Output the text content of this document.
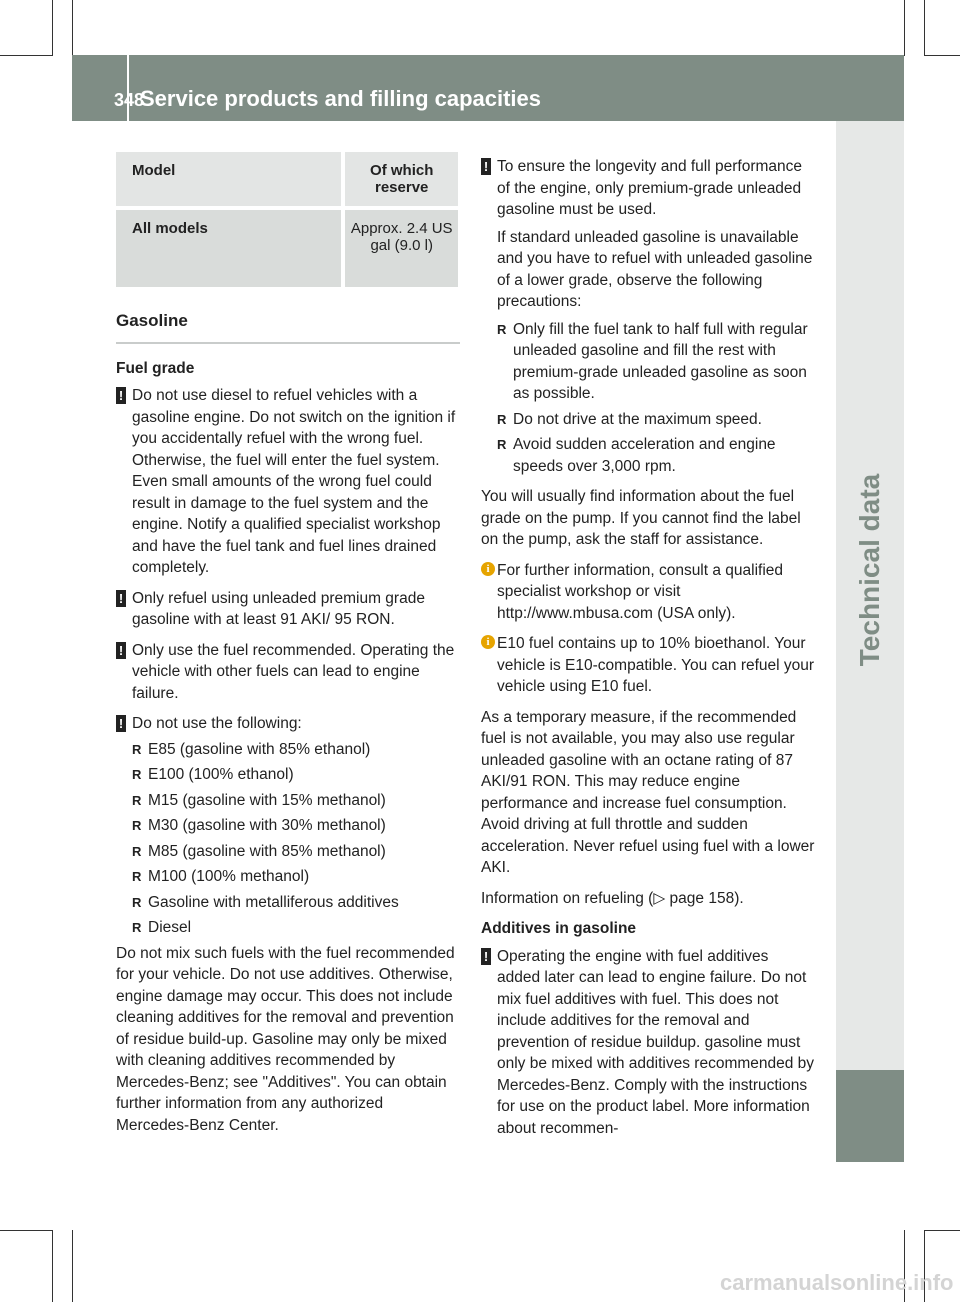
348
Service products and filling capacities
Technical data
Model	Of which reserve
All models	Approx. 2.4 US gal (9.0 l)
Gasoline
Fuel grade
! Do not use diesel to refuel vehicles with a gasoline engine. Do not switch on the ignition if you accidentally refuel with the wrong fuel. Otherwise, the fuel will enter the fuel system. Even small amounts of the wrong fuel could result in damage to the fuel system and the engine. Notify a qualified specialist workshop and have the fuel tank and fuel lines drained completely.
! Only refuel using unleaded premium grade gasoline with at least 91 AKI/ 95 RON.
! Only use the fuel recommended. Operating the vehicle with other fuels can lead to engine failure.
! Do not use the following:
R E85 (gasoline with 85% ethanol)
R E100 (100% ethanol)
R M15 (gasoline with 15% methanol)
R M30 (gasoline with 30% methanol)
R M85 (gasoline with 85% methanol)
R M100 (100% methanol)
R Gasoline with metalliferous additives
R Diesel

Do not mix such fuels with the fuel recommended for your vehicle. Do not use additives. Otherwise, engine damage may occur. This does not include cleaning additives for the removal and prevention of residue build-up. Gasoline may only be mixed with cleaning additives recommended by Mercedes-Benz; see "Additives". You can obtain further information from any authorized Mercedes-Benz Center.

! To ensure the longevity and full performance of the engine, only premium-grade unleaded gasoline must be used.
If standard unleaded gasoline is unavailable and you have to refuel with unleaded gasoline of a lower grade, observe the following precautions:
R Only fill the fuel tank to half full with regular unleaded gasoline and fill the rest with premium-grade unleaded gasoline as soon as possible.
R Do not drive at the maximum speed.
R Avoid sudden acceleration and engine speeds over 3,000 rpm.

You will usually find information about the fuel grade on the pump. If you cannot find the label on the pump, ask the staff for assistance.

i For further information, consult a qualified specialist workshop or visit http://www.mbusa.com (USA only).
i E10 fuel contains up to 10% bioethanol. Your vehicle is E10-compatible. You can refuel your vehicle using E10 fuel.

As a temporary measure, if the recommended fuel is not available, you may also use regular unleaded gasoline with an octane rating of 87 AKI/91 RON. This may reduce engine performance and increase fuel consumption. Avoid driving at full throttle and sudden acceleration. Never refuel using fuel with a lower AKI.

Information on refueling (▷ page 158).

Additives in gasoline
! Operating the engine with fuel additives added later can lead to engine failure. Do not mix fuel additives with fuel. This does not include additives for the removal and prevention of residue buildup. gasoline must only be mixed with additives recommended by Mercedes-Benz. Comply with the instructions for use on the product label. More information about recommen-
carmanualsonline.info
